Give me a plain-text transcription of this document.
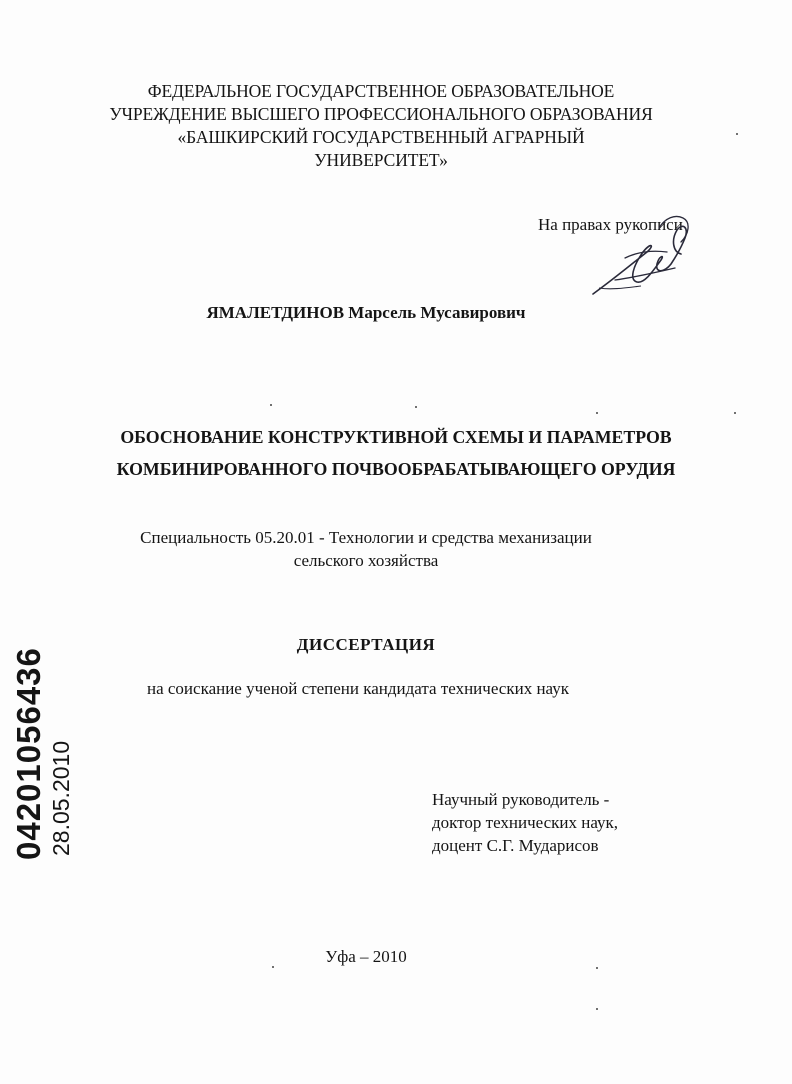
ФЕДЕРАЛЬНОЕ ГОСУДАРСТВЕННОЕ ОБРАЗОВАТЕЛЬНОЕ
УЧРЕЖДЕНИЕ ВЫСШЕГО ПРОФЕССИОНАЛЬНОГО ОБРАЗОВАНИЯ
«БАШКИРСКИЙ ГОСУДАРСТВЕННЫЙ АГРАРНЫЙ
УНИВЕРСИТЕТ»
На правах рукописи
ЯМАЛЕТДИНОВ Марсель Мусавирович
ОБОСНОВАНИЕ КОНСТРУКТИВНОЙ СХЕМЫ И ПАРАМЕТРОВ
КОМБИНИРОВАННОГО ПОЧВООБРАБАТЫВАЮЩЕГО ОРУДИЯ
Специальность 05.20.01 - Технологии и средства механизации
сельского хозяйства
ДИССЕРТАЦИЯ
на соискание ученой степени кандидата технических наук
Научный руководитель -
доктор технических наук,
доцент С.Г. Мударисов
Уфа – 2010
04201056436 28.05.2010
